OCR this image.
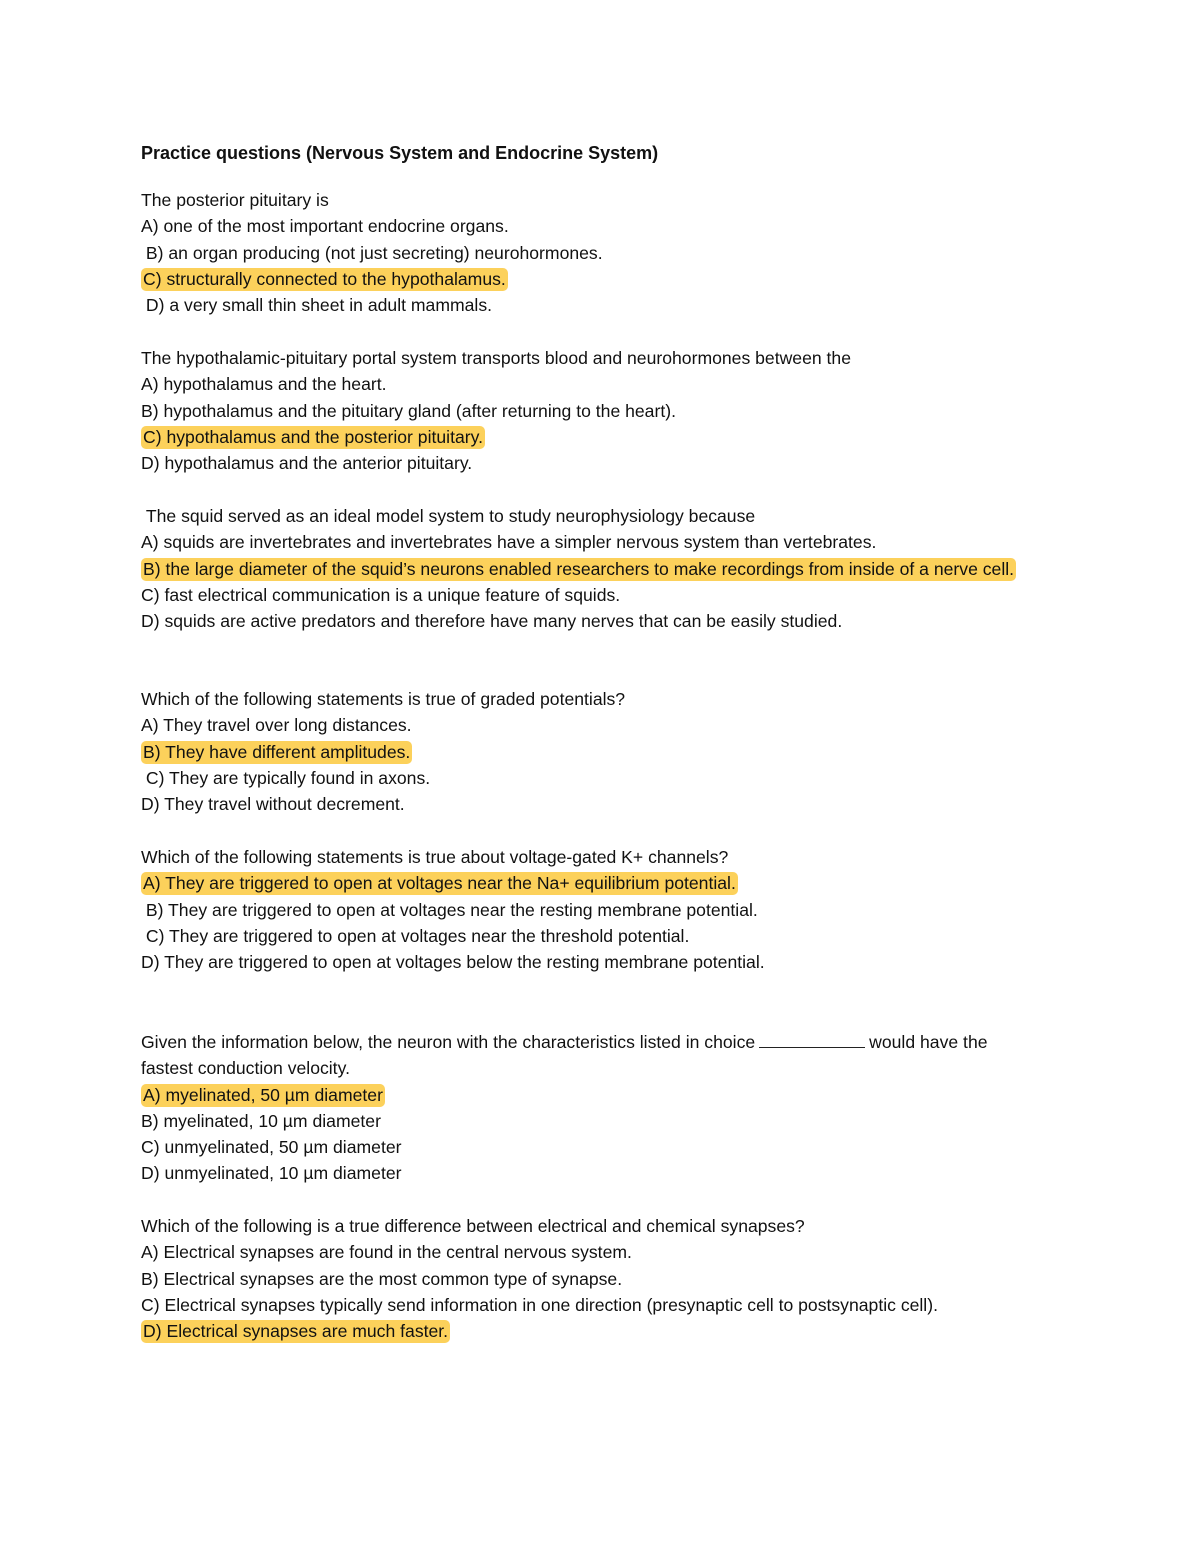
Practice questions (Nervous System and Endocrine System)
The posterior pituitary is
A) one of the most important endocrine organs.
B) an organ producing (not just secreting) neurohormones.
C) structurally connected to the hypothalamus.
D) a very small thin sheet in adult mammals.
The hypothalamic-pituitary portal system transports blood and neurohormones between the
A) hypothalamus and the heart.
B) hypothalamus and the pituitary gland (after returning to the heart).
C) hypothalamus and the posterior pituitary.
D) hypothalamus and the anterior pituitary.
The squid served as an ideal model system to study neurophysiology because
A) squids are invertebrates and invertebrates have a simpler nervous system than vertebrates.
B) the large diameter of the squid’s neurons enabled researchers to make recordings from inside of a nerve cell.
C) fast electrical communication is a unique feature of squids.
D) squids are active predators and therefore have many nerves that can be easily studied.
Which of the following statements is true of graded potentials?
A) They travel over long distances.
B) They have different amplitudes.
C) They are typically found in axons.
D) They travel without decrement.
Which of the following statements is true about voltage-gated K+ channels?
A) They are triggered to open at voltages near the Na+ equilibrium potential.
B) They are triggered to open at voltages near the resting membrane potential.
C) They are triggered to open at voltages near the threshold potential.
D) They are triggered to open at voltages below the resting membrane potential.
Given the information below, the neuron with the characteristics listed in choice	would have the fastest conduction velocity.
A) myelinated, 50 µm diameter
B) myelinated, 10 µm diameter
C) unmyelinated, 50 µm diameter
D) unmyelinated, 10 µm diameter
Which of the following is a true difference between electrical and chemical synapses?
A) Electrical synapses are found in the central nervous system.
B) Electrical synapses are the most common type of synapse.
C) Electrical synapses typically send information in one direction (presynaptic cell to postsynaptic cell).
D) Electrical synapses are much faster.
